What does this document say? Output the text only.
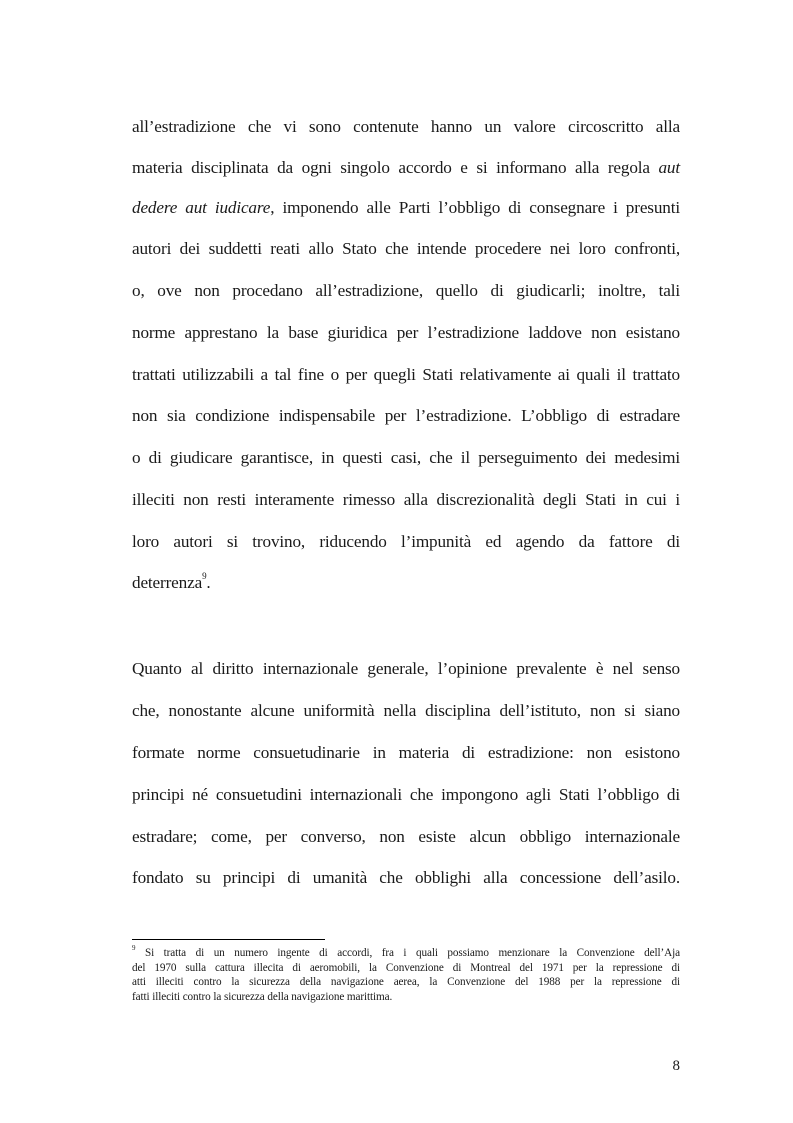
all’estradizione che vi sono contenute hanno un valore circoscritto alla
materia disciplinata da ogni singolo accordo e si informano alla regola aut
dedere aut iudicare, imponendo alle Parti l’obbligo di consegnare i presunti
autori dei suddetti reati allo Stato che intende procedere nei loro confronti,
o, ove non procedano all’estradizione, quello di giudicarli; inoltre, tali
norme apprestano la base giuridica per l’estradizione laddove non esistano
trattati utilizzabili a tal fine o per quegli Stati relativamente ai quali il trattato
non sia condizione indispensabile per l’estradizione. L’obbligo di estradare
o di giudicare garantisce, in questi casi, che il perseguimento dei medesimi
illeciti non resti interamente rimesso alla discrezionalità degli Stati in cui i
loro autori si trovino, riducendo l’impunità ed agendo da fattore di
deterrenza$^9$.
Quanto al diritto internazionale generale, l’opinione prevalente è nel senso
che, nonostante alcune uniformità nella disciplina dell’istituto, non si siano
formate norme consuetudinarie in materia di estradizione: non esistono
principi né consuetudini internazionali che impongono agli Stati l’obbligo di
estradare; come, per converso, non esiste alcun obbligo internazionale
fondato su principi di umanità che obblighi alla concessione dell’asilo.
$^9$ Si tratta di un numero ingente di accordi, fra i quali possiamo menzionare la Convenzione dell’Aja
del 1970 sulla cattura illecita di aeromobili, la Convenzione di Montreal del 1971 per la repressione di
atti illeciti contro la sicurezza della navigazione aerea, la Convenzione del 1988 per la repressione di
fatti illeciti contro la sicurezza della navigazione marittima.
8
